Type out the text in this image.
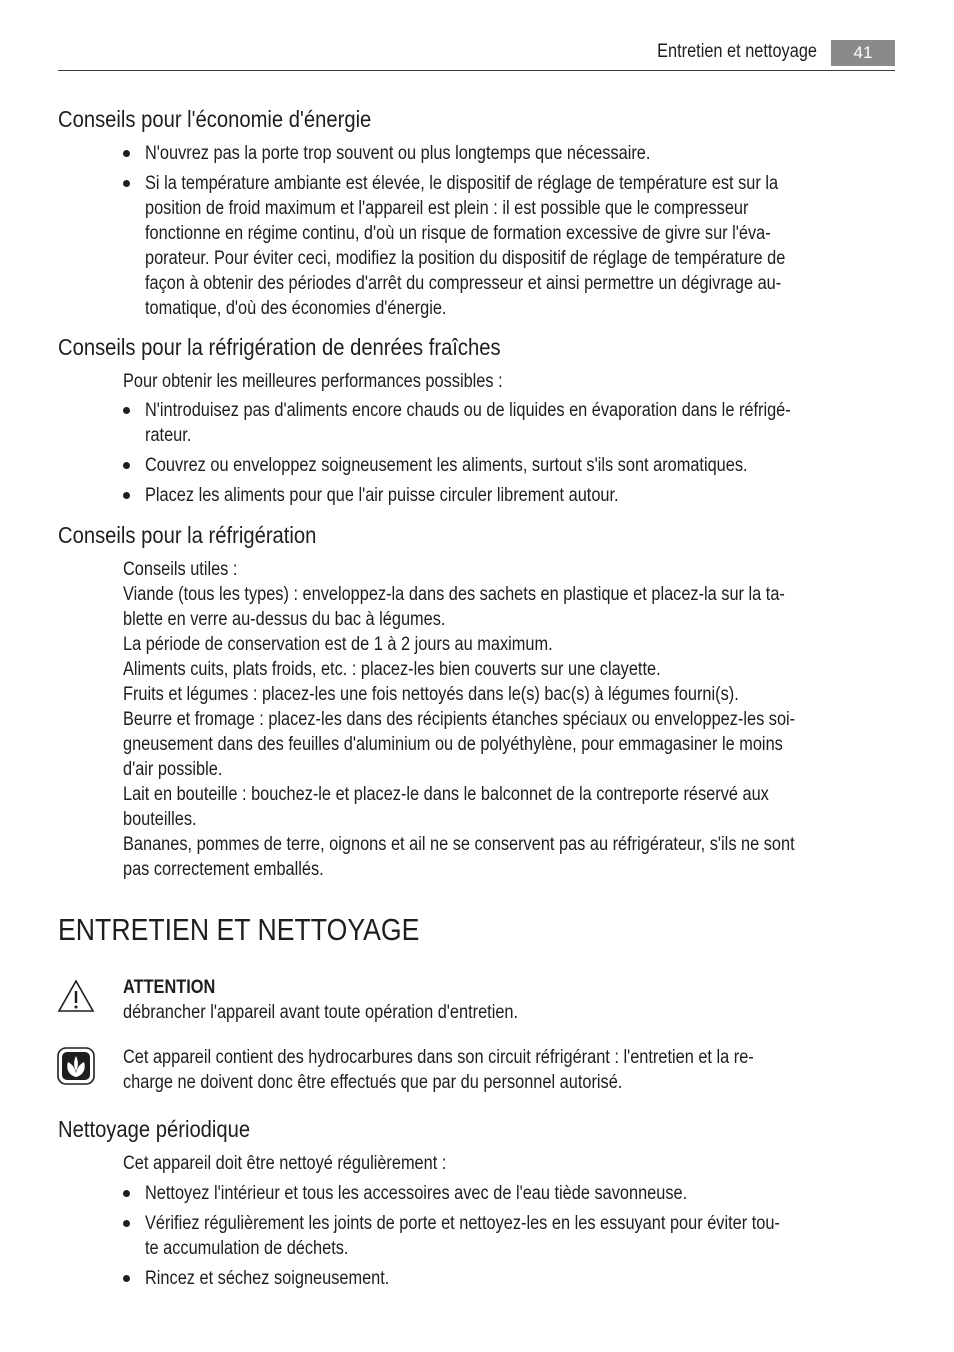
Entretien et nettoyage	41
Conseils pour l'économie d'énergie
N'ouvrez pas la porte trop souvent ou plus longtemps que nécessaire.
Si la température ambiante est élevée, le dispositif de réglage de température est sur la
position de froid maximum et l'appareil est plein : il est possible que le compresseur
fonctionne en régime continu, d'où un risque de formation excessive de givre sur l'éva-
porateur. Pour éviter ceci, modifiez la position du dispositif de réglage de température de
façon à obtenir des périodes d'arrêt du compresseur et ainsi permettre un dégivrage au-
tomatique, d'où des économies d'énergie.
Conseils pour la réfrigération de denrées fraîches
Pour obtenir les meilleures performances possibles :
N'introduisez pas d'aliments encore chauds ou de liquides en évaporation dans le réfrigé-
rateur.
Couvrez ou enveloppez soigneusement les aliments, surtout s'ils sont aromatiques.
Placez les aliments pour que l'air puisse circuler librement autour.
Conseils pour la réfrigération
Conseils utiles :
Viande (tous les types) : enveloppez-la dans des sachets en plastique et placez-la sur la ta-
blette en verre au-dessus du bac à légumes.
La période de conservation est de 1 à 2 jours au maximum.
Aliments cuits, plats froids, etc. : placez-les bien couverts sur une clayette.
Fruits et légumes : placez-les une fois nettoyés dans le(s) bac(s) à légumes fourni(s).
Beurre et fromage : placez-les dans des récipients étanches spéciaux ou enveloppez-les soi-
gneusement dans des feuilles d'aluminium ou de polyéthylène, pour emmagasiner le moins
d'air possible.
Lait en bouteille : bouchez-le et placez-le dans le balconnet de la contreporte réservé aux
bouteilles.
Bananes, pommes de terre, oignons et ail ne se conservent pas au réfrigérateur, s'ils ne sont
pas correctement emballés.
ENTRETIEN ET NETTOYAGE
ATTENTION
débrancher l'appareil avant toute opération d'entretien.
Cet appareil contient des hydrocarbures dans son circuit réfrigérant : l'entretien et la re-
charge ne doivent donc être effectués que par du personnel autorisé.
Nettoyage périodique
Cet appareil doit être nettoyé régulièrement :
Nettoyez l'intérieur et tous les accessoires avec de l'eau tiède savonneuse.
Vérifiez régulièrement les joints de porte et nettoyez-les en les essuyant pour éviter tou-
te accumulation de déchets.
Rincez et séchez soigneusement.
